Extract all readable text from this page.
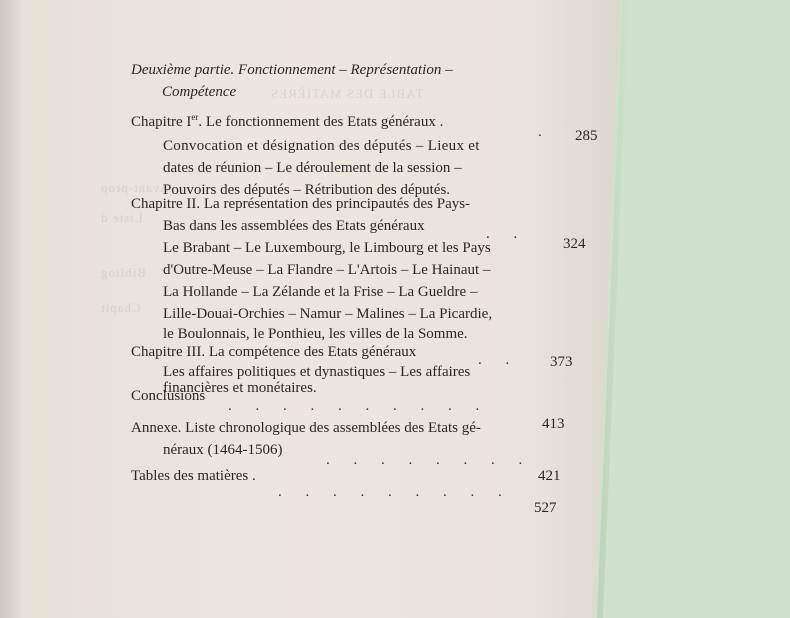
Deuxième partie. Fonctionnement – Représentation –
Compétence
Chapitre Ier. Le fonctionnement des Etats généraux .
. 285
Convocation et désignation des députés – Lieux et
dates de réunion – Le déroulement de la session –
Pouvoirs des députés – Rétribution des députés.
Chapitre II. La représentation des principautés des Pays-
Bas dans les assemblées des Etats généraux	. .
324
Le Brabant – Le Luxembourg, le Limbourg et les Pays
d'Outre-Meuse – La Flandre – L'Artois – Le Hainaut –
La Hollande – La Zélande et la Frise – La Gueldre –
Lille-Douai-Orchies – Namur – Malines – La Picardie,
le Boulonnais, le Ponthieu, les villes de la Somme.
Chapitre III. La compétence des Etats généraux	. . 373
Les affaires politiques et dynastiques – Les affaires
financières et monétaires.
Conclusions
. . . . . . . . . .
413
Annexe. Liste chronologique des assemblées des Etats gé-
néraux (1464-1506)
. . . . . . . .
421
Tables des matières .
. . . . . . . . .
527
